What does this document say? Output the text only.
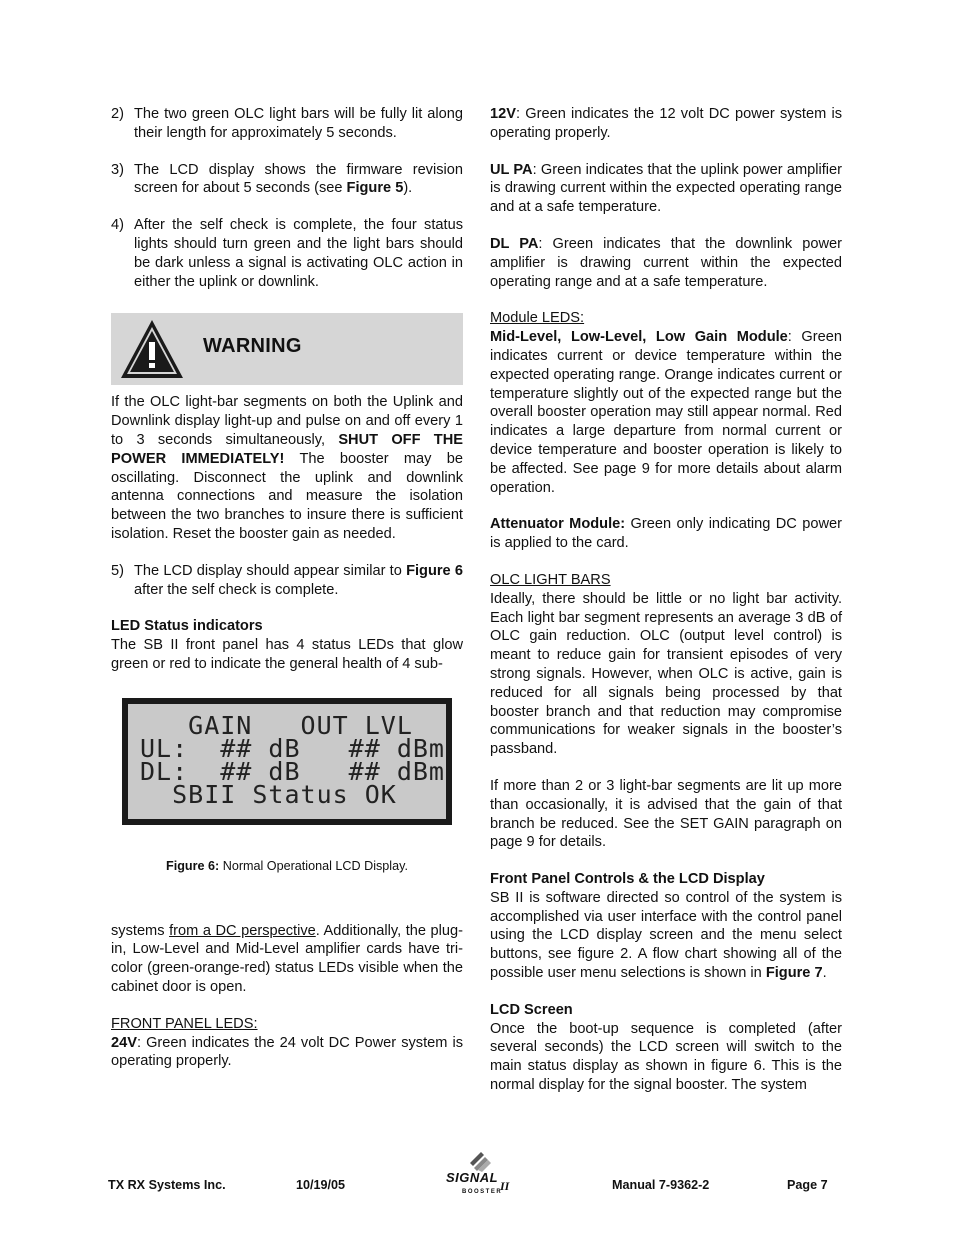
2) The two green OLC light bars will be fully lit along their length for approximately 5 seconds.
3) The LCD display shows the firmware revision screen for about 5 seconds (see Figure 5).
4) After the self check is complete, the four status lights should turn green and the light bars should be dark unless a signal is activating OLC action in either the uplink or downlink.
WARNING

If the OLC light-bar segments on both the Uplink and Downlink display light-up and pulse on and off every 1 to 3 seconds simultaneously, SHUT OFF THE POWER IMMEDIATELY! The booster may be oscillating. Disconnect the uplink and downlink antenna connections and measure the isolation between the two branches to insure there is sufficient isolation. Reset the booster gain as needed.

5) The LCD display should appear similar to Figure 6 after the self check is complete.

LED Status indicators

The SB II front panel has 4 status LEDs that glow green or red to indicate the general health of 4 sub-

GAIN   OUT LVL
UL:  ## dB   ## dBm
DL:  ## dB   ## dBm
SBII Status OK

Figure 6: Normal Operational LCD Display.

systems from a DC perspective. Additionally, the plug-in, Low-Level and Mid-Level amplifier cards have tri-color (green-orange-red) status LEDs visible when the cabinet door is open.

FRONT PANEL LEDS:

24V: Green indicates the 24 volt DC Power system is operating properly.

12V: Green indicates the 12 volt DC power system is operating properly.

UL PA: Green indicates that the uplink power amplifier is drawing current within the expected operating range and at a safe temperature.

DL PA: Green indicates that the downlink power amplifier is drawing current within the expected operating range and at a safe temperature.

Module LEDS:

Mid-Level, Low-Level, Low Gain Module: Green indicates current or device temperature within the expected operating range. Orange indicates current or temperature slightly out of the expected range but the overall booster operation may still appear normal. Red indicates a large departure from normal current or device temperature and booster operation is likely to be affected. See page 9 for more details about alarm operation.

Attenuator Module: Green only indicating DC power is applied to the card.

OLC LIGHT BARS

Ideally, there should be little or no light bar activity. Each light bar segment represents an average 3 dB of OLC gain reduction. OLC (output level control) is meant to reduce gain for transient episodes of very strong signals. However, when OLC is active, gain is reduced for all signals being processed by that booster branch and that reduction may compromise communications for weaker signals in the booster’s passband.

If more than 2 or 3 light-bar segments are lit up more than occasionally, it is advised that the gain of that branch be reduced. See the SET GAIN paragraph on page 9 for details.

Front Panel Controls & the LCD Display

SB II is software directed so control of the system is accomplished via user interface with the control panel using the LCD display screen and the menu select buttons, see figure 2. A flow chart showing all of the possible user menu selections is shown in Figure 7.

LCD Screen

Once the boot-up sequence is completed (after several seconds) the LCD screen will switch to the main status display as shown in figure 6. This is the normal display for the signal booster. The system

TX RX Systems Inc.	10/19/05	SIGNAL
BOOSTER
II	Manual 7-9362-2	Page 7
